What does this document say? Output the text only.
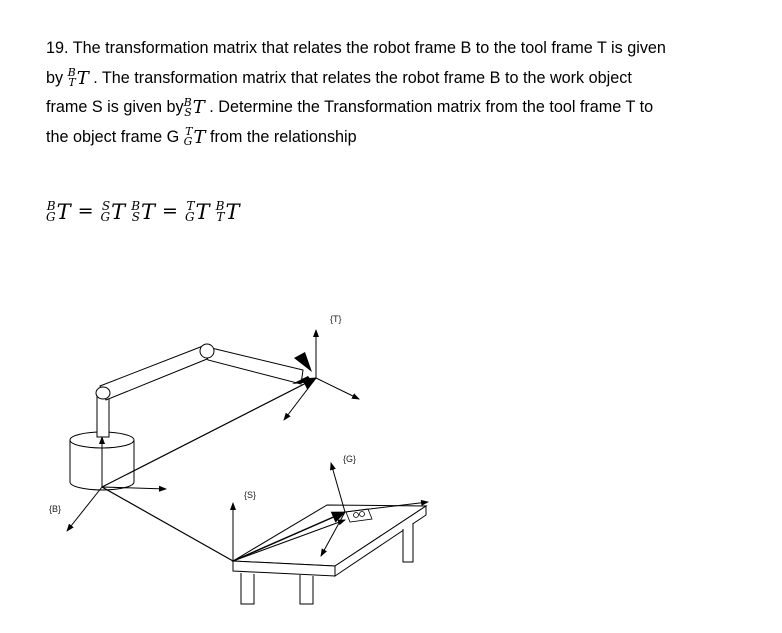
19. The transformation matrix that relates the robot frame B to the tool frame T is given
by B
T T . The transformation matrix that relates the robot frame B to the work object
frame S is given by B
S T . Determine the Transformation matrix from the tool frame T to
the object frame G T
G T from the relationship
B
G T = S
G T B
S T = T
G T B
T T
{B}
{S}
{T}
{G}
